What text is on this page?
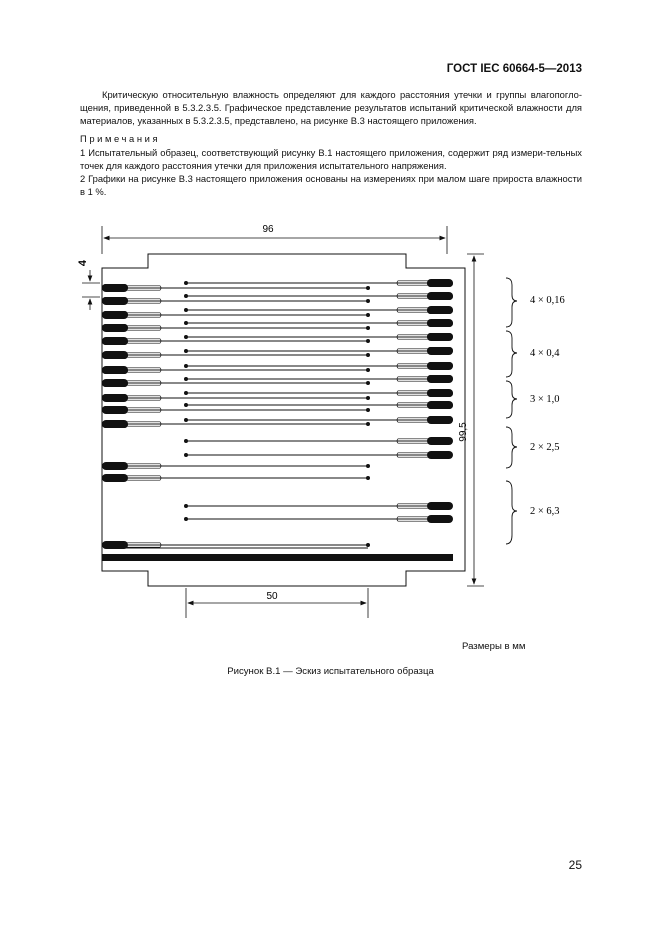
ГОСТ IEC 60664-5—2013
Критическую относительную влажность определяют для каждого расстояния утечки и группы влагопогло-щения, приведенной в 5.3.2.3.5. Графическое представление результатов испытаний критической влажности для материалов, указанных в 5.3.2.3.5, представлено, на рисунке В.3 настоящего приложения.
Примечания
1 Испытательный образец, соответствующий рисунку В.1 настоящего приложения, содержит ряд измери-тельных точек для каждого расстояния утечки для приложения испытательного напряжения.
2 Графики на рисунке В.3 настоящего приложения основаны на измерениях при малом шаге прироста влажности в 1 %.
96
4
99,5
50
4 × 0,16
4 × 0,4
3 × 1,0
2 × 2,5
2 × 6,3
Размеры в мм
Рисунок В.1 — Эскиз испытательного образца
25
